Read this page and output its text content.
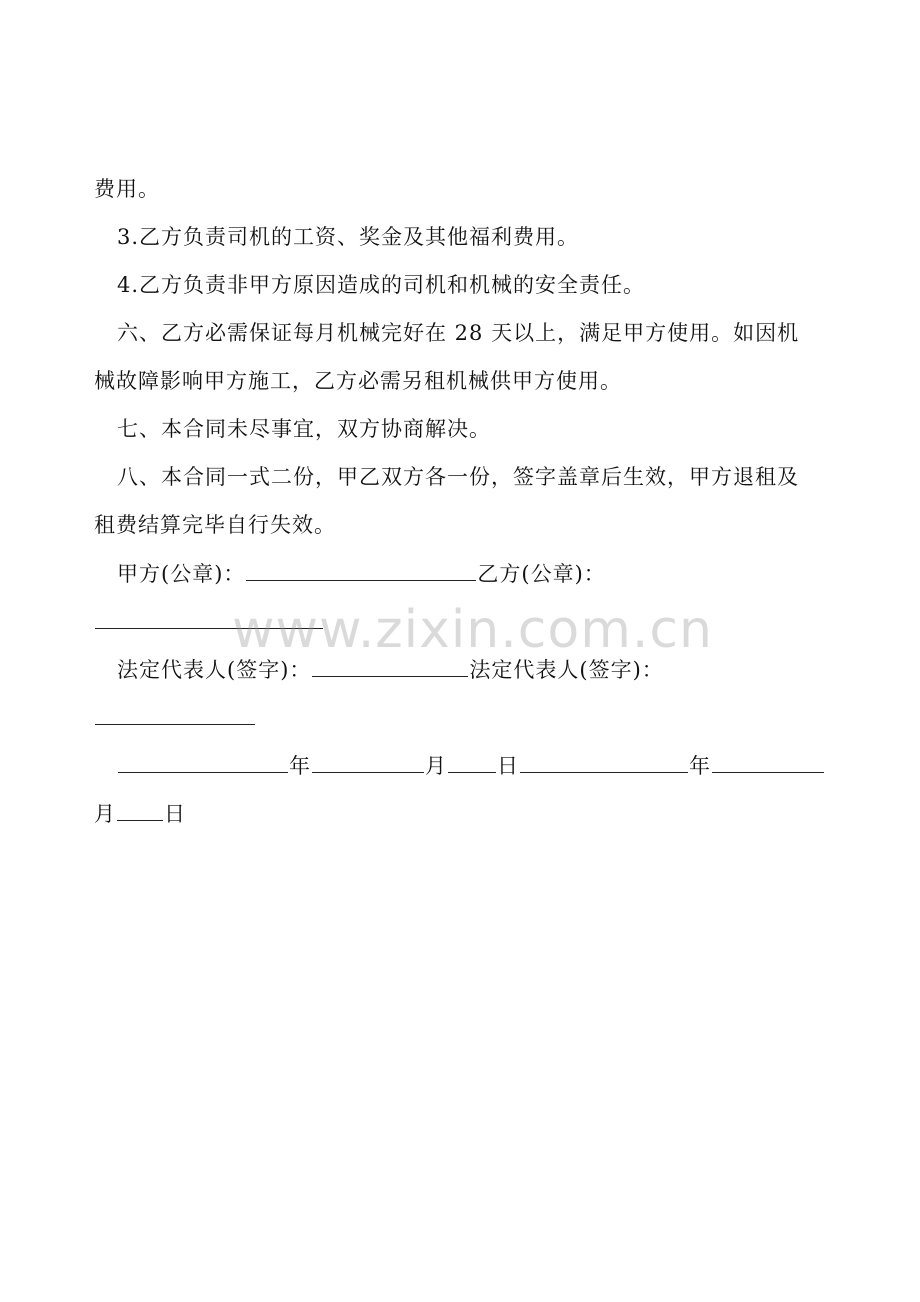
费用。
3.乙方负责司机的工资、奖金及其他福利费用。
4.乙方负责非甲方原因造成的司机和机械的安全责任。
六、乙方必需保证每月机械完好在 28 天以上，满足甲方使用。如因机
械故障影响甲方施工，乙方必需另租机械供甲方使用。
七、本合同未尽事宜，双方协商解决。
八、本合同一式二份，甲乙双方各一份，签字盖章后生效，甲方退租及
租费结算完毕自行失效。
甲方(公章)：	乙方(公章)：
法定代表人(签字)：	法定代表人(签字)：
年	月 日	年
月 日
www.zixin.com.cn
